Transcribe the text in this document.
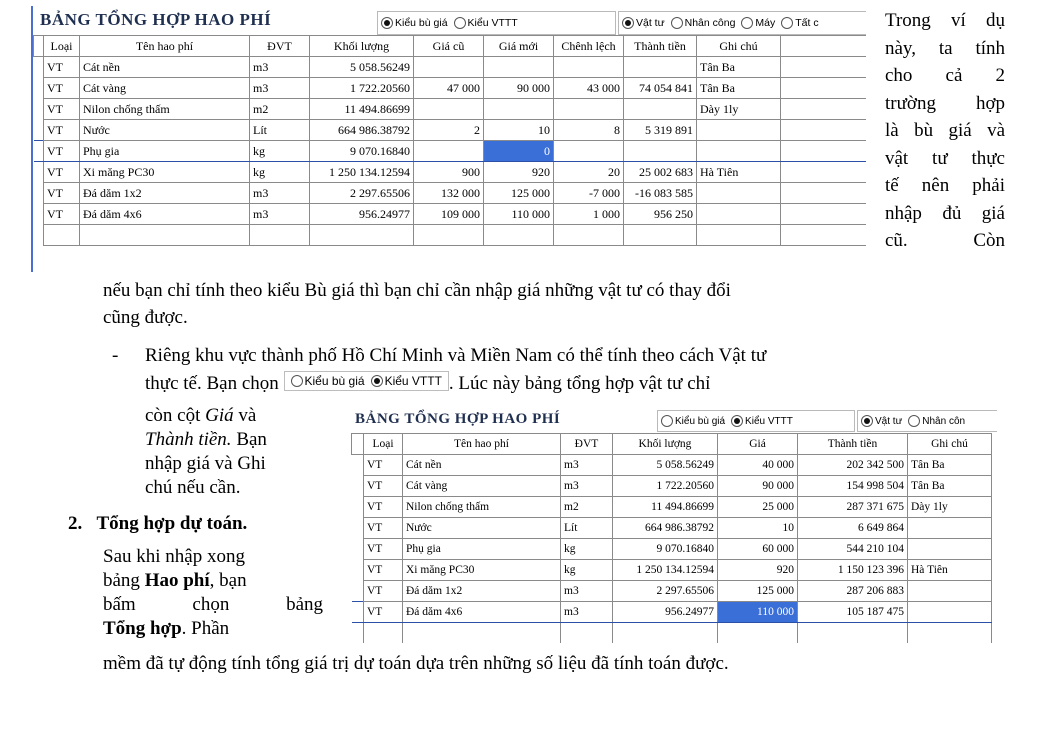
BẢNG TỔNG HỢP HAO PHÍ	Kiểu bù giá Kiểu VTTT	Vật tư Nhân công Máy Tất c
	Loại	Tên hao phí	ĐVT	Khối lượng	Giá cũ	Giá mới	Chênh lệch	Thành tiền	Ghi chú	
	VT	Cát nền	m3	5 058.56249					Tân Ba	
	VT	Cát vàng	m3	1 722.20560	47 000	90 000	43 000	74 054 841	Tân Ba	
	VT	Nilon chống thấm	m2	11 494.86699					Dày 1ly	
	VT	Nước	Lít	664 986.38792	2	10	8	5 319 891		
	VT	Phụ gia	kg	9 070.16840		0				
	VT	Xi măng PC30	kg	1 250 134.12594	900	920	20	25 002 683	Hà Tiên	
	VT	Đá dăm 1x2	m3	2 297.65506	132 000	125 000	-7 000	-16 083 585		
	VT	Đá dăm 4x6	m3	956.24977	109 000	110 000	1 000	956 250		

Trong ví dụ
này, ta tính
cho cả 2
trường hợp
là bù giá và
vật tư thực
tế nên phải
nhập đủ giá
cũ. Còn
nếu bạn chỉ tính theo kiểu Bù giá thì bạn chỉ cần nhập giá những vật tư có thay đổi
cũng được.
- Riêng khu vực thành phố Hồ Chí Minh và Miền Nam có thể tính theo cách Vật tư
thực tế. Bạn chọn Kiểu bù giá Kiểu VTTT . Lúc này bảng tổng hợp vật tư chỉ
còn cột Giá và
Thành tiền. Bạn
nhập giá và Ghi
chú nếu cần.
2. Tổng hợp dự toán.
Sau khi nhập xong
bảng Hao phí, bạn
bấm	chọn	bảng
Tổng hợp. Phần
mềm đã tự động tính tổng giá trị dự toán dựa trên những số liệu đã tính toán được.
BẢNG TỔNG HỢP HAO PHÍ	Kiểu bù giá Kiểu VTTT	Vật tư Nhân côn
	Loại	Tên hao phí	ĐVT	Khối lượng	Giá	Thành tiền	Ghi chú
	VT	Cát nền	m3	5 058.56249	40 000	202 342 500	Tân Ba
	VT	Cát vàng	m3	1 722.20560	90 000	154 998 504	Tân Ba
	VT	Nilon chống thấm	m2	11 494.86699	25 000	287 371 675	Dày 1ly
	VT	Nước	Lít	664 986.38792	10	6 649 864	
	VT	Phụ gia	kg	9 070.16840	60 000	544 210 104	
	VT	Xi măng PC30	kg	1 250 134.12594	920	1 150 123 396	Hà Tiên
	VT	Đá dăm 1x2	m3	2 297.65506	125 000	287 206 883	
	VT	Đá dăm 4x6	m3	956.24977	110 000	105 187 475	
